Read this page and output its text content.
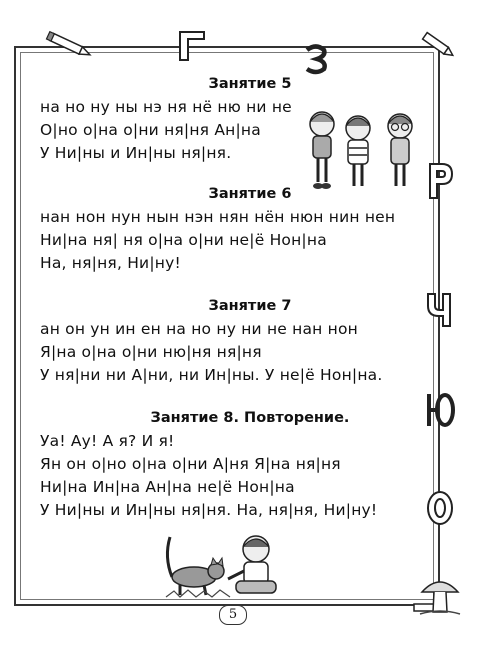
Занятие 5
на но ну ны нэ ня нё ню ни не
О|но о|на о|ни ня|ня Ан|на
У Ни|ны и Ин|ны ня|ня.
Занятие 6
нан нон нун нын нэн нян нён нюн нин нен
Ни|на ня| ня о|на о|ни не|ё Нон|на
На, ня|ня, Ни|ну!
Занятие 7
ан он ун ин ен на но ну ни не нан нон
Я|на о|на о|ни ню|ня ня|ня
У ня|ни ни А|ни, ни Ин|ны. У не|ё Нон|на.
Занятие 8. Повторение.
Уа! Ау! А я? И я!
Ян он о|но о|на о|ни А|ня Я|на ня|ня
Ни|на Ин|на Ан|на не|ё Нон|на
У Ни|ны и Ин|ны ня|ня. На, ня|ня, Ни|ну!
5
